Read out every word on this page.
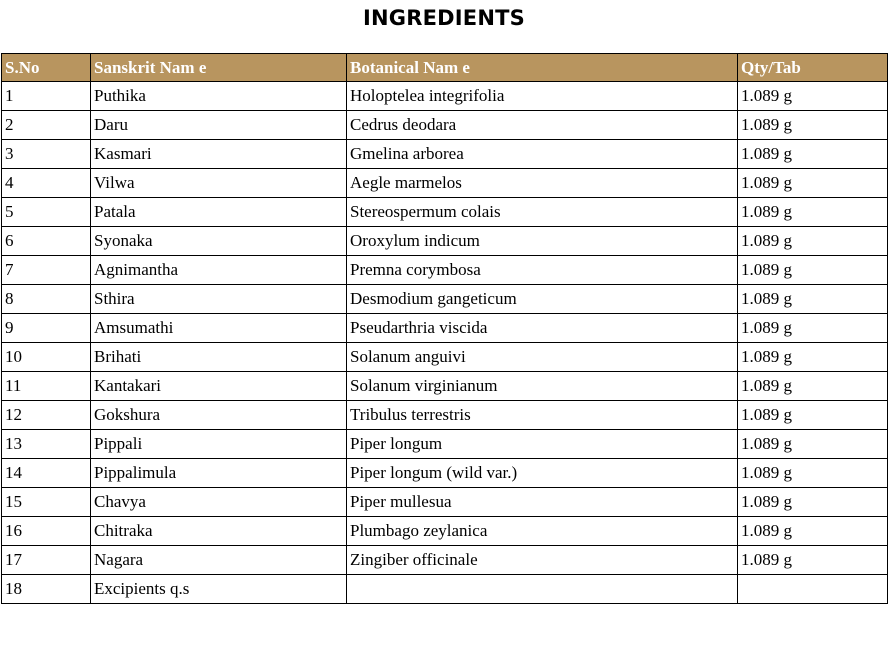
INGREDIENTS
S.No	Sanskrit Nam e	Botanical Nam e	Qty/Tab
1	Puthika	Holoptelea integrifolia	1.089 g
2	Daru	Cedrus deodara	1.089 g
3	Kasmari	Gmelina arborea	1.089 g
4	Vilwa	Aegle marmelos	1.089 g
5	Patala	Stereospermum colais	1.089 g
6	Syonaka	Oroxylum indicum	1.089 g
7	Agnimantha	Premna corymbosa	1.089 g
8	Sthira	Desmodium gangeticum	1.089 g
9	Amsumathi	Pseudarthria viscida	1.089 g
10	Brihati	Solanum anguivi	1.089 g
11	Kantakari	Solanum virginianum	1.089 g
12	Gokshura	Tribulus terrestris	1.089 g
13	Pippali	Piper longum	1.089 g
14	Pippalimula	Piper longum (wild var.)	1.089 g
15	Chavya	Piper mullesua	1.089 g
16	Chitraka	Plumbago zeylanica	1.089 g
17	Nagara	Zingiber officinale	1.089 g
18	Excipients q.s		
